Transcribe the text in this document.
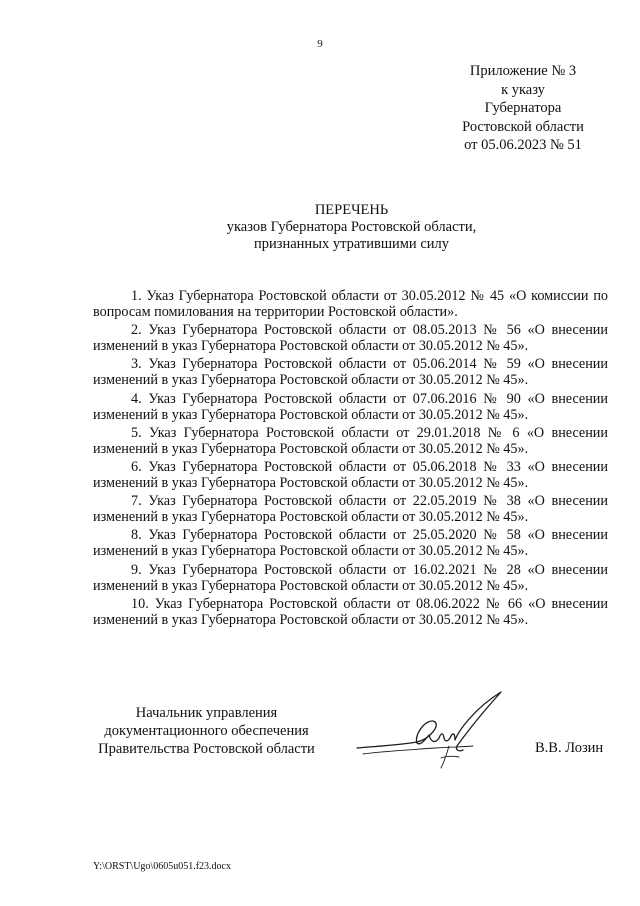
9
Приложение № 3
к указу
Губернатора
Ростовской области
от 05.06.2023 № 51
ПЕРЕЧЕНЬ
указов Губернатора Ростовской области,
признанных утратившими силу

1. Указ Губернатора Ростовской области от 30.05.2012 № 45 «О комиссии по вопросам помилования на территории Ростовской области».

2. Указ Губернатора Ростовской области от 08.05.2013 № 56 «О внесении изменений в указ Губернатора Ростовской области от 30.05.2012 № 45».

3. Указ Губернатора Ростовской области от 05.06.2014 № 59 «О внесении изменений в указ Губернатора Ростовской области от 30.05.2012 № 45».

4. Указ Губернатора Ростовской области от 07.06.2016 № 90 «О внесении изменений в указ Губернатора Ростовской области от 30.05.2012 № 45».

5. Указ Губернатора Ростовской области от 29.01.2018 № 6 «О внесении изменений в указ Губернатора Ростовской области от 30.05.2012 № 45».

6. Указ Губернатора Ростовской области от 05.06.2018 № 33 «О внесении изменений в указ Губернатора Ростовской области от 30.05.2012 № 45».

7. Указ Губернатора Ростовской области от 22.05.2019 № 38 «О внесении изменений в указ Губернатора Ростовской области от 30.05.2012 № 45».

8. Указ Губернатора Ростовской области от 25.05.2020 № 58 «О внесении изменений в указ Губернатора Ростовской области от 30.05.2012 № 45».

9. Указ Губернатора Ростовской области от 16.02.2021 № 28 «О внесении изменений в указ Губернатора Ростовской области от 30.05.2012 № 45».

10. Указ Губернатора Ростовской области от 08.06.2022 № 66 «О внесении изменений в указ Губернатора Ростовской области от 30.05.2012 № 45».

Начальник управления
документационного обеспечения
Правительства Ростовской области	В.В. Лозин
Y:\ORST\Ugo\0605u051.f23.docx
